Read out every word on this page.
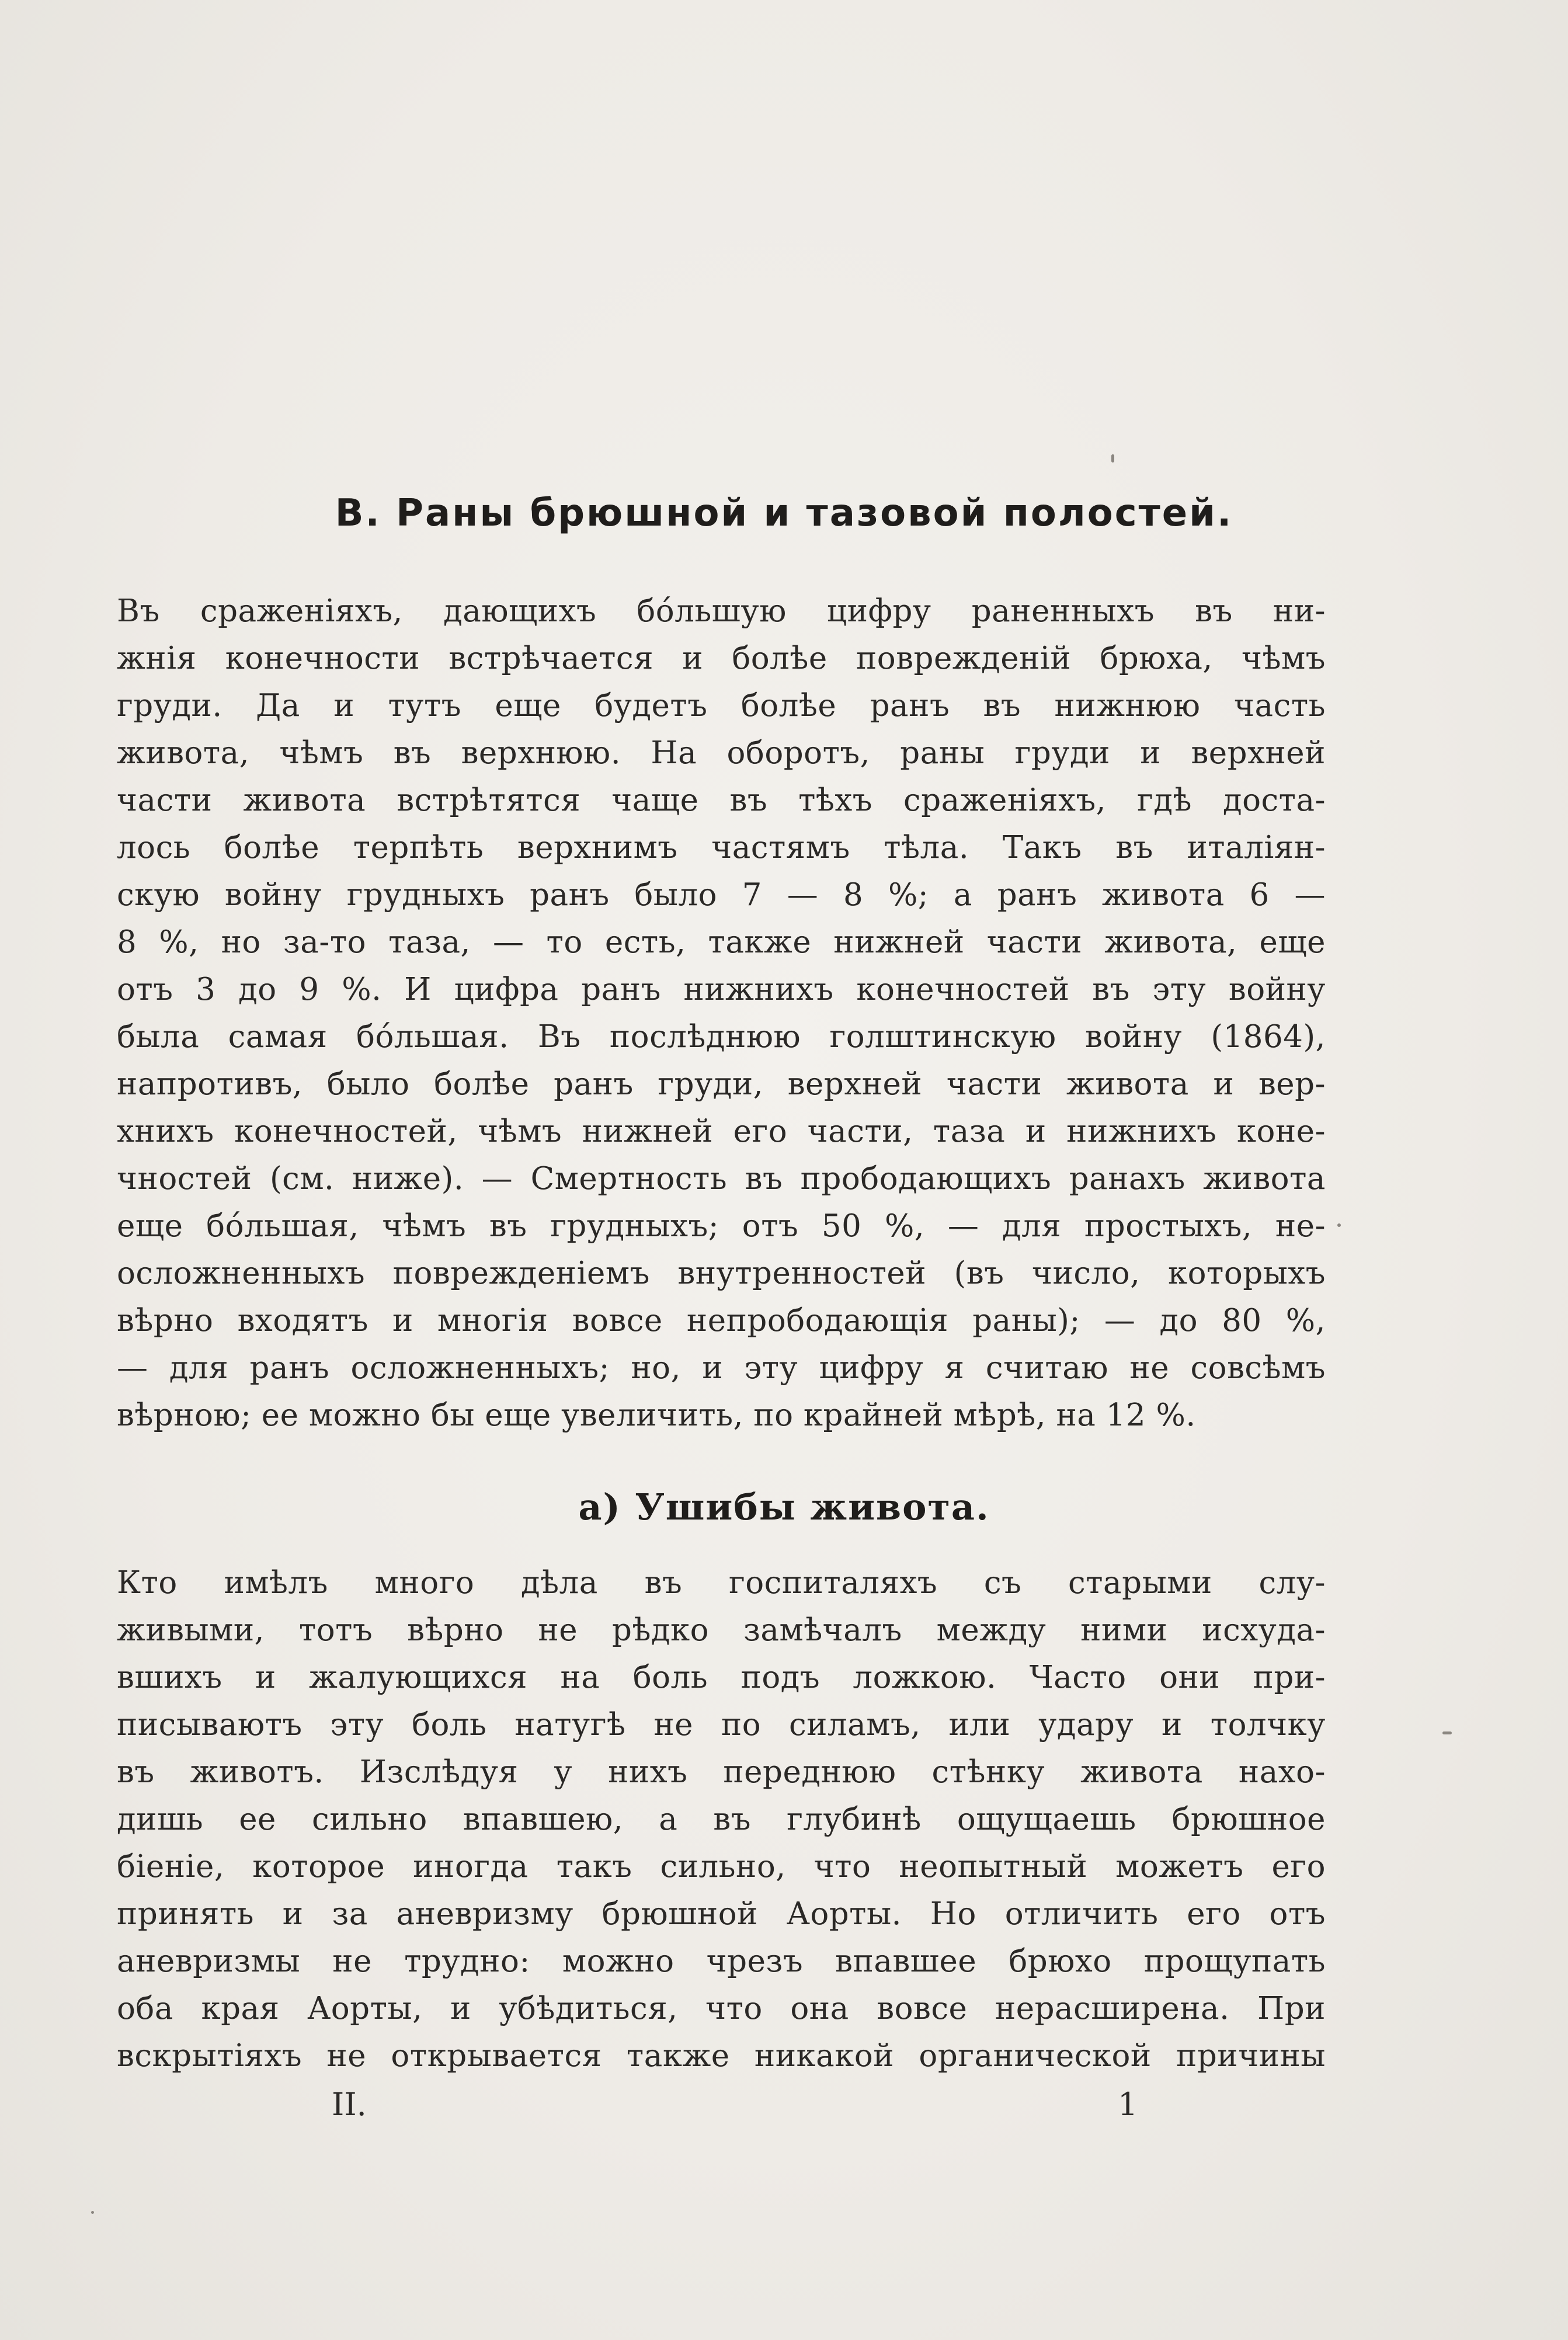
В. Раны брюшной и тазовой полостей.
Въ сраженіяхъ, дающихъ бо́льшую цифру раненныхъ въ ни-
жнія конечности встрѣчается и болѣе поврежденій брюха, чѣмъ
груди. Да и тутъ еще будетъ болѣе ранъ въ нижнюю часть
живота, чѣмъ въ верхнюю. На оборотъ, раны груди и верхней
части живота встрѣтятся чаще въ тѣхъ сраженіяхъ, гдѣ доста-
лось болѣе терпѣть верхнимъ частямъ тѣла. Такъ въ италіян-
скую войну грудныхъ ранъ было 7 — 8 %; а ранъ живота 6 —
8 %, но за-то таза, — то есть, также нижней части живота, еще
отъ 3 до 9 %. И цифра ранъ нижнихъ конечностей въ эту войну
была самая бо́льшая. Въ послѣднюю голштинскую войну (1864),
напротивъ, было болѣе ранъ груди, верхней части живота и вер-
хнихъ конечностей, чѣмъ нижней его части, таза и нижнихъ коне-
чностей (см. ниже). — Смертность въ прободающихъ ранахъ живота
еще бо́льшая, чѣмъ въ грудныхъ; отъ 50 %, — для простыхъ, не-
осложненныхъ поврежденіемъ внутренностей (въ число, которыхъ
вѣрно входятъ и многія вовсе непрободающія раны); — до 80 %,
— для ранъ осложненныхъ; но, и эту цифру я считаю не совсѣмъ
вѣрною; ее можно бы еще увеличить, по крайней мѣрѣ, на 12 %.
а) Ушибы живота.
Кто имѣлъ много дѣла въ госпиталяхъ съ старыми слу-
живыми, тотъ вѣрно не рѣдко замѣчалъ между ними исхуда-
вшихъ и жалующихся на боль подъ ложкою. Часто они при-
писываютъ эту боль натугѣ не по силамъ, или удару и толчку
въ животъ. Изслѣдуя у нихъ переднюю стѣнку живота нахо-
дишь ее сильно впавшею, а въ глубинѣ ощущаешь брюшное
біеніе, которое иногда такъ сильно, что неопытный можетъ его
принять и за аневризму брюшной Аорты. Но отличить его отъ
аневризмы не трудно: можно чрезъ впавшее брюхо прощупать
оба края Аорты, и убѣдиться, что она вовсе нерасширена. При
вскрытіяхъ не открывается также никакой органической причины
II.	1
